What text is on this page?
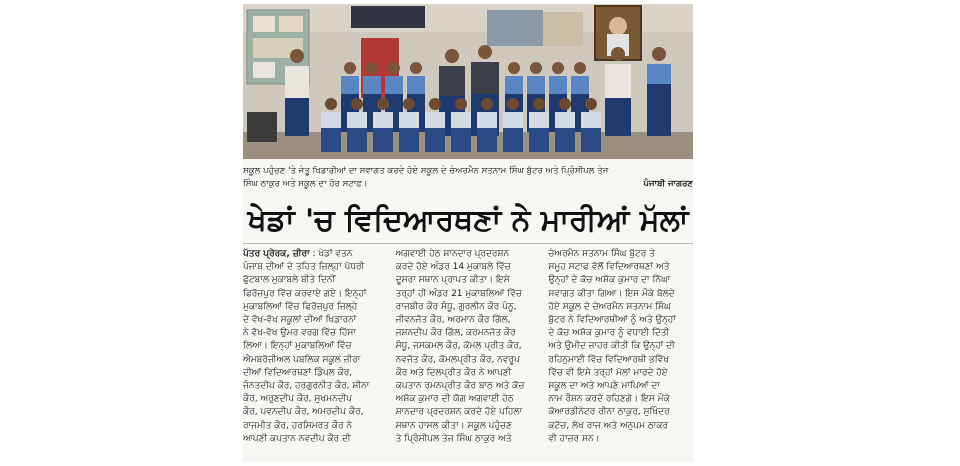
ਸਕੂਲ ਪਹੁੰਚਣ 'ਤੇ ਜੇਤੂ ਖਿਡਾਰੀਆਂ ਦਾ ਸਵਾਗਤ ਕਰਦੇ ਹੋਏ ਸਕੂਲ ਦੇ ਚੇਅਰਮੈਨ ਸਤਨਾਮ ਸਿੰਘ ਬੁੱਟਰ ਅਤੇ ਪ੍ਰਿੰਸੀਪਲ ਤੇਜ
ਸਿੰਘ ਠਾਕੁਰ ਅਤੇ ਸਕੂਲ ਦਾ ਹੋਰ ਸਟਾਫ਼।	ਪੰਜਾਬੀ ਜਾਗਰਣ
ਖੇਡਾਂ 'ਚ ਵਿਦਿਆਰਥਣਾਂ ਨੇ ਮਾਰੀਆਂ ਮੱਲਾਂ
ਪੱਤਰ ਪ੍ਰੇਰਕ, ਜ਼ੀਰਾ : ਖੇਡਾਂ ਵਤਨ
ਪੰਜਾਬ ਦੀਆਂ ਦੇ ਤਹਿਤ ਜ਼ਿਲ੍ਹਾ ਪੱਧਰੀ
ਫੁੱਟਬਾਲ ਮੁਕਾਬਲੇ ਬੀਤੇ ਦਿਨੀਂ
ਫਿਰੋਜ਼ਪੁਰ ਵਿੱਚ ਕਰਵਾਏ ਗਏ। ਇਨ੍ਹਾਂ
ਮੁਕਾਬਲਿਆਂ ਵਿੱਚ ਫਿਰੋਜ਼ਪੁਰ ਜ਼ਿਲ੍ਹੇ
ਦੇ ਵੱਖ-ਵੱਖ ਸਕੂਲਾਂ ਦੀਆਂ ਖਿਡਾਰਨਾਂ
ਨੇ ਵੱਖ-ਵੱਖ ਉਮਰ ਵਰਗ ਵਿੱਚ ਹਿੱਸਾ
ਲਿਆ। ਇਨ੍ਹਾਂ ਮੁਕਾਬਲਿਆਂ ਵਿੱਚ
ਐਮਬਰੋਜ਼ੀਅਲ ਪਬਲਿਕ ਸਕੂਲ ਜ਼ੀਰਾ
ਦੀਆਂ ਵਿਦਿਆਰਥਣਾਂ ਡਿੰਪਲ ਕੌਰ,
ਜੰਨਤਦੀਪ ਕੌਰ, ਹਰਗੁਰਨੀਤ ਕੌਰ, ਸ਼ੀਨਾ
ਕੌਰ, ਅਰੁਣਦੀਪ ਕੌਰ, ਸੁਖਮਨਦੀਪ
ਕੌਰ, ਪਵਨਦੀਪ ਕੌਰ, ਅਮਰਦੀਪ ਕੌਰ,
ਰਾਜਮੀਤ ਕੌਰ, ਹਰਸਿਮਰਤ ਕੌਰ ਨੇ
ਆਪਣੀ ਕਪਤਾਨ ਨਵਦੀਪ ਕੌਰ ਦੀ
ਅਗਵਾਈ ਹੇਠ ਸ਼ਾਨਦਾਰ ਪ੍ਰਦਰਸ਼ਨ
ਕਰਦੇ ਹੋਏ ਅੰਡਰ 14 ਮੁਕਾਬਲੇ ਵਿੱਚ
ਦੂਸਰਾ ਸਥਾਨ ਪ੍ਰਾਪਤ ਕੀਤਾ। ਇਸੇ
ਤਰ੍ਹਾਂ ਹੀ ਅੰਡਰ 21 ਮੁਕਾਬਲਿਆਂ ਵਿੱਚ
ਰਾਜਬੀਰ ਕੌਰ ਸੰਧੂ, ਗੁਰਲੀਨ ਕੌਰ ਪੰਨੂ,
ਜੀਵਨਜੋਤ ਕੌਰ, ਅਰਮਾਨ ਕੌਰ ਗਿੱਲ,
ਜਸ਼ਨਦੀਪ ਕੌਰ ਗਿੱਲ, ਕਰਮਨਜੋਤ ਕੌਰ
ਸੰਧੂ, ਜਸਕਮਲ ਕੌਰ, ਕੋਮਲ ਪ੍ਰੀਤ ਕੌਰ,
ਨਵਜੋਤ ਕੌਰ, ਕੋਮਲਪ੍ਰੀਤ ਕੌਰ, ਨਵਰੂਪ
ਕੌਰ ਅਤੇ ਦਿਲਪ੍ਰੀਤ ਕੌਰ ਨੇ ਆਪਣੀ
ਕਪਤਾਨ ਰਮਨਪ੍ਰੀਤ ਕੌਰ ਬਾਠ ਅਤੇ ਕੋਚ
ਅਸ਼ੋਕ ਕੁਮਾਰ ਦੀ ਯੋਗ ਅਗਵਾਈ ਹੇਠ
ਸ਼ਾਨਦਾਰ ਪ੍ਰਦਰਸ਼ਨ ਕਰਦੇ ਹੋਏ ਪਹਿਲਾ
ਸਥਾਨ ਹਾਸਲ ਕੀਤਾ। ਸਕੂਲ ਪਹੁੰਚਣ
ਤੇ ਪ੍ਰਿੰਸੀਪਲ ਤੇਜ ਸਿੰਘ ਠਾਕੁਰ ਅਤੇ
ਚੇਅਰਮੈਨ ਸਤਨਾਮ ਸਿੰਘ ਬੁੱਟਰ ਤੇ
ਸਮੂਹ ਸਟਾਫ ਵੱਲੋਂ ਵਿਦਿਆਰਥਣਾਂ ਅਤੇ
ਉਨ੍ਹਾਂ ਦੇ ਕੋਚ ਅਸ਼ੋਕ ਕੁਮਾਰ ਦਾ ਨਿੱਘਾ
ਸਵਾਗਤ ਕੀਤਾ ਗਿਆ। ਇਸ ਮੌਕੇ ਬੋਲਦੇ
ਹੋਏ ਸਕੂਲ ਦੇ ਚੇਅਰਮੈਨ ਸਤਨਾਮ ਸਿੰਘ
ਬੁੱਟਰ ਨੇ ਵਿਦਿਆਰਥੀਆਂ ਨੂੰ ਅਤੇ ਉਨ੍ਹਾਂ
ਦੇ ਕੋਚ ਅਸ਼ੋਕ ਕੁਮਾਰ ਨੂੰ ਵਧਾਈ ਦਿੱਤੀ
ਅਤੇ ਉਮੀਦ ਜ਼ਾਹਰ ਕੀਤੀ ਕਿ ਉਨ੍ਹਾਂ ਦੀ
ਰਹਿਨੁਮਾਈ ਵਿੱਚ ਵਿਦਿਆਰਥੀ ਭਵਿੱਖ
ਵਿੱਚ ਵੀ ਇਸੇ ਤਰ੍ਹਾਂ ਮੱਲਾਂ ਮਾਰਦੇ ਹੋਏ
ਸਕੂਲ ਦਾ ਅਤੇ ਆਪਣੇ ਮਾਪਿਆਂ ਦਾ
ਨਾਮ ਰੌਸ਼ਨ ਕਰਦੇ ਰਹਿਣਗੇ। ਇਸ ਮੌਕੇ
ਕੋਆਰਡੀਨੇਟਰ ਰੀਨਾ ਠਾਕੁਰ, ਸੁਖਿੰਦਰ
ਕਟੋਚ, ਲੇਖ ਰਾਜ ਅਤੇ ਅਨੁਪਮ ਠਾਕਰ
ਵੀ ਹਾਜ਼ਰ ਸਨ।
